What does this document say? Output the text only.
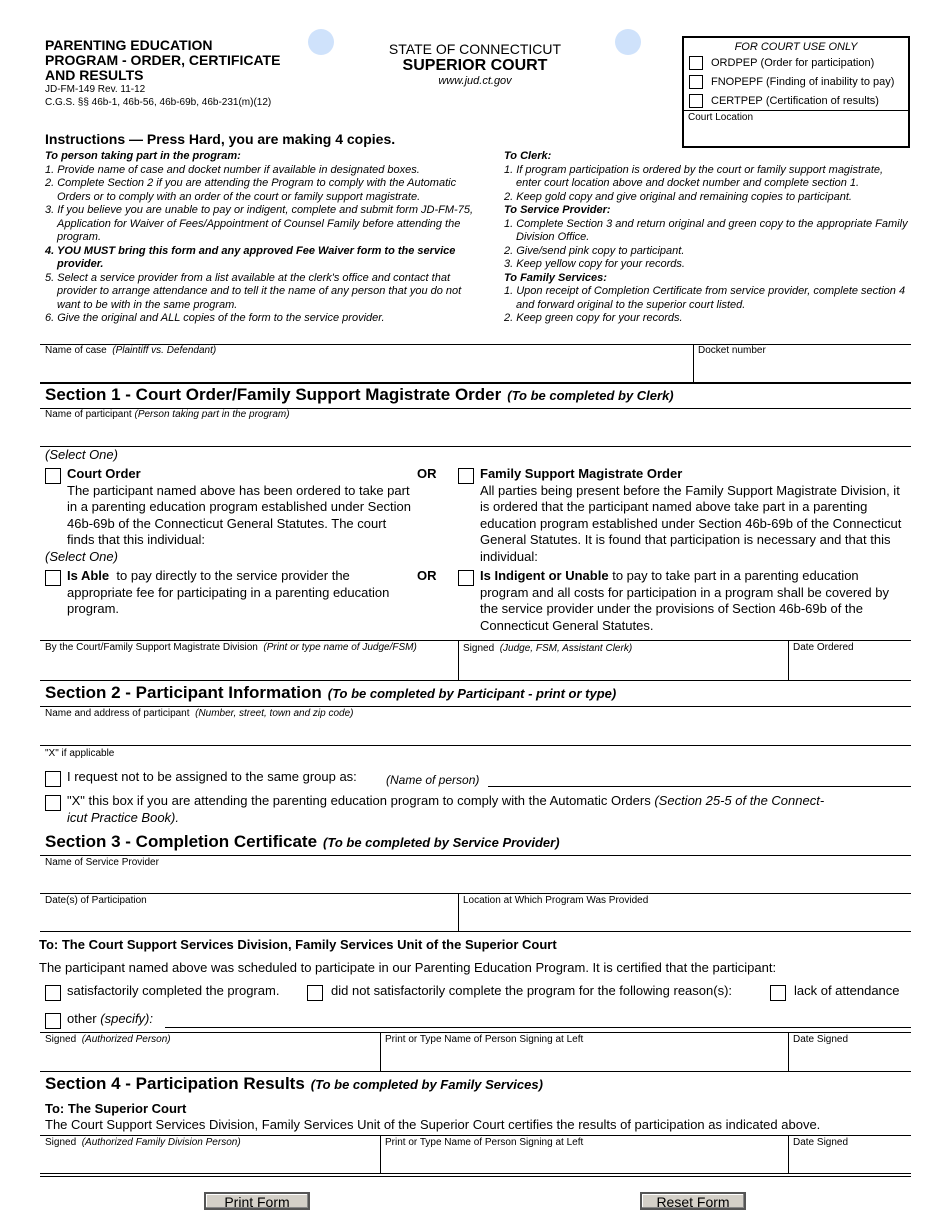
PARENTING EDUCATION PROGRAM - ORDER, CERTIFICATE AND RESULTS
JD-FM-149 Rev. 11-12
C.G.S. §§ 46b-1, 46b-56, 46b-69b, 46b-231(m)(12)
STATE OF CONNECTICUT
SUPERIOR COURT
www.jud.ct.gov
FOR COURT USE ONLY
ORDPEP
(Order for participation)
FNOPEPF
(Finding of inability to pay)
CERTPEP
(Certification of results)
Court Location
Instructions — Press Hard, you are making 4 copies.
To person taking part in the program:
1. Provide name of case and docket number if available in designated boxes.
2. Complete Section 2 if you are attending the Program to comply with the Automatic Orders or to comply with an order of the court or family support magistrate.
3. If you believe you are unable to pay or indigent, complete and submit form JD-FM-75, Application for Waiver of Fees/Appointment of Counsel Family before attending the program.
4. YOU MUST bring this form and any approved Fee Waiver form to the service provider.
5. Select a service provider from a list available at the clerk's office and contact that provider to arrange attendance and to tell it the name of any person that you do not want to be with in the same program.
6. Give the original and ALL copies of the form to the service provider.
To Clerk:
1. If program participation is ordered by the court or family support magistrate, enter court location above and docket number and complete section 1.
2. Keep gold copy and give original and remaining copies to participant.
To Service Provider:
1. Complete Section 3 and return original and green copy to the appropriate Family Division Office.
2. Give/send pink copy to participant.
3. Keep yellow copy for your records.
To Family Services:
1. Upon receipt of Completion Certificate from service provider, complete section 4 and forward original to the superior court listed.
2. Keep green copy for your records.
Name of case (Plaintiff vs. Defendant)	Docket number
Section 1 - Court Order/Family Support Magistrate Order (To be completed by Clerk)
Name of participant (Person taking part in the program)
(Select One)
Court Order
The participant named above has been ordered to take part in a parenting education program established under Section 46b-69b of the Connecticut General Statutes. The court finds that this individual:
OR	Family Support Magistrate Order
All parties being present before the Family Support Magistrate Division, it is ordered that the participant named above take part in a parenting education program established under Section 46b-69b of the Connecticut General Statutes. It is found that participation is necessary and that this individual:
(Select One)
Is Able to pay directly to the service provider the appropriate fee for participating in a parenting education program.
OR	Is Indigent or Unable to pay to take part in a parenting education program and all costs for participation in a program shall be covered by the service provider under the provisions of Section 46b-69b of the Connecticut General Statutes.
By the Court/Family Support Magistrate Division (Print or type name of Judge/FSM)	Signed (Judge, FSM, Assistant Clerk)	Date Ordered
Section 2 - Participant Information (To be completed by Participant - print or type)
Name and address of participant (Number, street, town and zip code)
"X" if applicable
I request not to be assigned to the same group as: (Name of person)
"X" this box if you are attending the parenting education program to comply with the Automatic Orders (Section 25-5 of the Connect-
icut Practice Book).
Section 3 - Completion Certificate (To be completed by Service Provider)
Name of Service Provider
Date(s) of Participation	Location at Which Program Was Provided
To: The Court Support Services Division, Family Services Unit of the Superior Court
The participant named above was scheduled to participate in our Parenting Education Program. It is certified that the participant:
satisfactorily completed the program.	did not satisfactorily complete the program for the following reason(s):	lack of attendance
other (specify):
Signed (Authorized Person)	Print or Type Name of Person Signing at Left	Date Signed
Section 4 - Participation Results (To be completed by Family Services)
To: The Superior Court
The Court Support Services Division, Family Services Unit of the Superior Court certifies the results of participation as indicated above.
Signed (Authorized Family Division Person)	Print or Type Name of Person Signing at Left	Date Signed
Print Form	Reset Form
